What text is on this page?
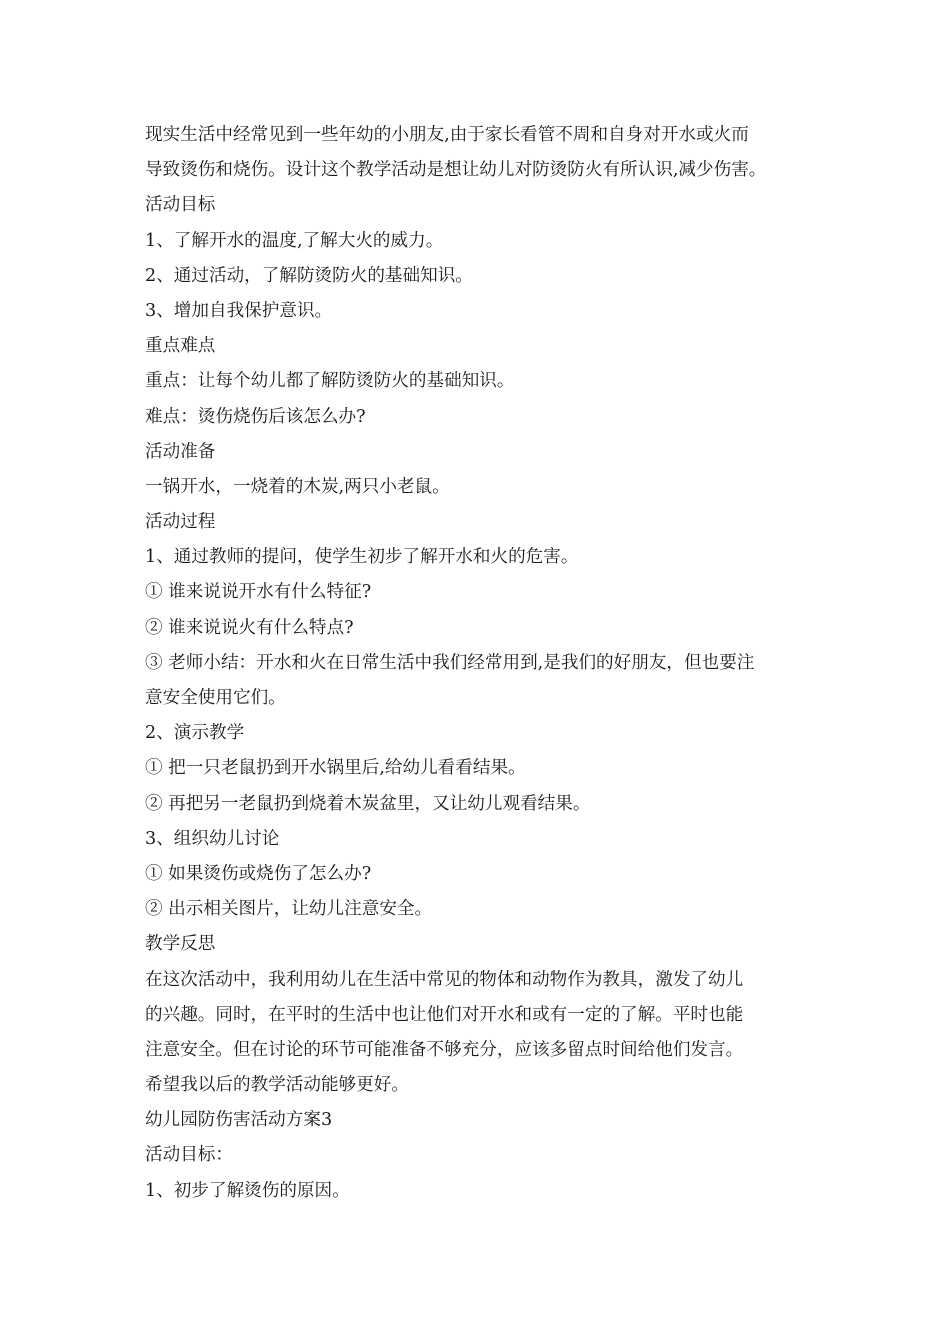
现实生活中经常见到一些年幼的小朋友,由于家长看管不周和自身对开水或火而
导致烫伤和烧伤。设计这个教学活动是想让幼儿对防烫防火有所认识,减少伤害。
活动目标
1、了解开水的温度,了解大火的威力。
2、通过活动，了解防烫防火的基础知识。
3、增加自我保护意识。
重点难点
重点：让每个幼儿都了解防烫防火的基础知识。
难点：烫伤烧伤后该怎么办?
活动准备
一锅开水，一烧着的木炭,两只小老鼠。
活动过程
1、通过教师的提问，使学生初步了解开水和火的危害。
① 谁来说说开水有什么特征?
② 谁来说说火有什么特点?
③ 老师小结：开水和火在日常生活中我们经常用到,是我们的好朋友，但也要注
意安全使用它们。
2、演示教学
① 把一只老鼠扔到开水锅里后,给幼儿看看结果。
② 再把另一老鼠扔到烧着木炭盆里，又让幼儿观看结果。
3、组织幼儿讨论
① 如果烫伤或烧伤了怎么办?
② 出示相关图片，让幼儿注意安全。
教学反思
在这次活动中，我利用幼儿在生活中常见的物体和动物作为教具，激发了幼儿
的兴趣。同时，在平时的生活中也让他们对开水和或有一定的了解。平时也能
注意安全。但在讨论的环节可能准备不够充分，应该多留点时间给他们发言。
希望我以后的教学活动能够更好。
幼儿园防伤害活动方案3
活动目标：
1、初步了解烫伤的原因。
